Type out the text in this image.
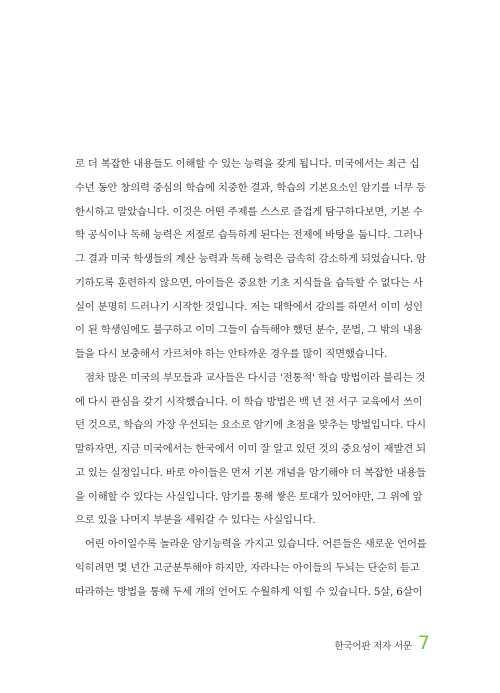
로 더 복잡한 내용들도 이해할 수 있는 능력을 갖게 됩니다. 미국에서는 최근 십
수년 동안 창의력 중심의 학습에 치중한 결과, 학습의 기본요소인 암기를 너무 등
한시하고 말았습니다. 이것은 어떤 주제를 스스로 즐겁게 탐구하다보면, 기본 수
학 공식이나 독해 능력은 저절로 습득하게 된다는 전제에 바탕을 둡니다. 그러나
그 결과 미국 학생들의 계산 능력과 독해 능력은 급속히 감소하게 되었습니다. 암
기하도록 훈련하지 않으면, 아이들은 중요한 기초 지식들을 습득할 수 없다는 사
실이 분명히 드러나기 시작한 것입니다. 저는 대학에서 강의를 하면서 이미 성인
이 된 학생임에도 불구하고 이미 그들이 습득해야 했던 분수, 문법, 그 밖의 내용
들을 다시 보충해서 가르쳐야 하는 안타까운 경우를 많이 직면했습니다.
점차 많은 미국의 부모들과 교사들은 다시금 '전통적' 학습 방법이라 불리는 것
에 다시 관심을 갖기 시작했습니다. 이 학습 방법은 백 년 전 서구 교육에서 쓰이
던 것으로, 학습의 가장 우선되는 요소로 암기에 초점을 맞추는 방법입니다. 다시
말하자면, 지금 미국에서는 한국에서 이미 잘 알고 있던 것의 중요성이 재발견 되
고 있는 실정입니다. 바로 아이들은 먼저 기본 개념을 암기해야 더 복잡한 내용들
을 이해할 수 있다는 사실입니다. 암기를 통해 쌓은 토대가 있어야만, 그 위에 앞
으로 있을 나머지 부분을 세워갈 수 있다는 사실입니다.
어린 아이일수록 놀라운 암기능력을 가지고 있습니다. 어른들은 새로운 언어를
익히려면 몇 년간 고군분투해야 하지만, 자라나는 아이들의 두뇌는 단순히 듣고
따라하는 방법을 통해 두세 개의 언어도 수월하게 익힐 수 있습니다. 5살, 6살이
한국어판 저자 서문 7
